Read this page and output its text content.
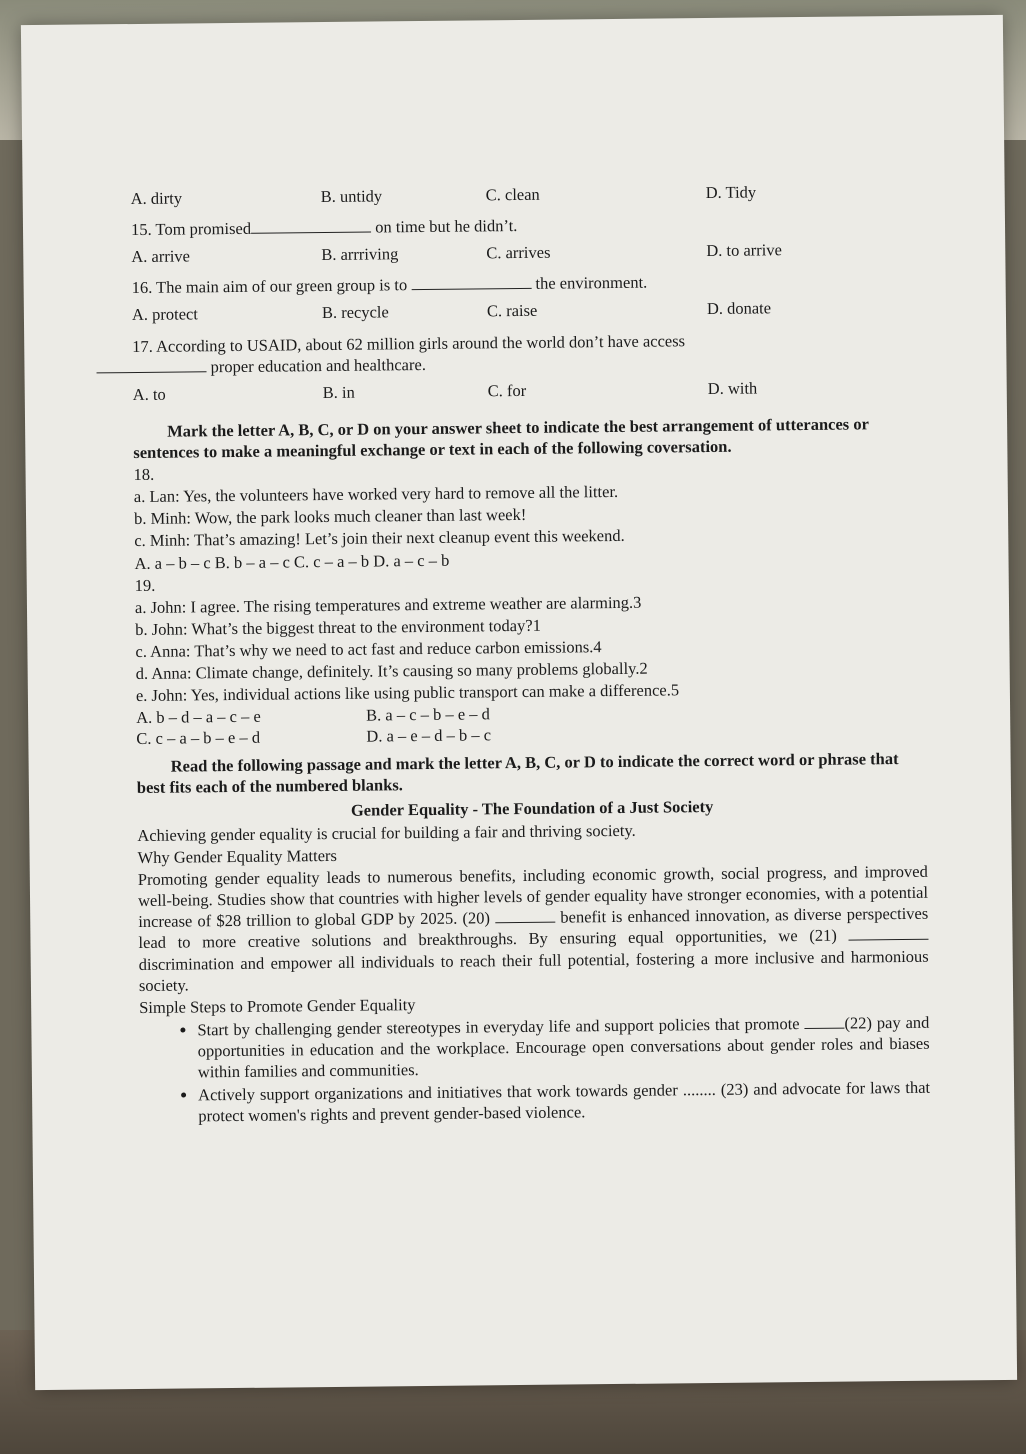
A. dirty	B. untidy	C. clean	D. Tidy
15. Tom promised	on time but he didn’t.
A. arrive	B. arrriving	C. arrives	D. to arrive
16. The main aim of our green group is to	the environment.
A. protect	B. recycle	C. raise	D. donate
17. According to USAID, about 62 million girls around the world don’t have access
proper education and healthcare.
A. to	B. in	C. for	D. with
Mark the letter A, B, C, or D on your answer sheet to indicate the best arrangement of utterances or sentences to make a meaningful exchange or text in each of the following coversation.
18.
a. Lan: Yes, the volunteers have worked very hard to remove all the litter.
b. Minh: Wow, the park looks much cleaner than last week!
c. Minh: That’s amazing! Let’s join their next cleanup event this weekend.
A. a – b – c B. b – a – c C. c – a – b D. a – c – b
19.
a. John: I agree. The rising temperatures and extreme weather are alarming.3
b. John: What’s the biggest threat to the environment today?1
c. Anna: That’s why we need to act fast and reduce carbon emissions.4
d. Anna: Climate change, definitely. It’s causing so many problems globally.2
e. John: Yes, individual actions like using public transport can make a difference.5
A. b – d – a – c – e	B. a – c – b – e – d
C. c – a – b – e – d	D. a – e – d – b – c
Read the following passage and mark the letter A, B, C, or D to indicate the correct word or phrase that best fits each of the numbered blanks.
Gender Equality - The Foundation of a Just Society
Achieving gender equality is crucial for building a fair and thriving society.
Why Gender Equality Matters
Promoting gender equality leads to numerous benefits, including economic growth, social progress, and improved well-being. Studies show that countries with higher levels of gender equality have stronger economies, with a potential increase of $28 trillion to global GDP by 2025. (20)	benefit is enhanced innovation, as diverse perspectives lead to more creative solutions and breakthroughs. By ensuring equal opportunities, we (21)  discrimination and empower all individuals to reach their full potential, fostering a more inclusive and harmonious society.
Simple Steps to Promote Gender Equality
• Start by challenging gender stereotypes in everyday life and support policies that promote	(22) pay and opportunities in education and the workplace. Encourage open conversations about gender roles and biases within families and communities.
• Actively support organizations and initiatives that work towards gender ........ (23) and advocate for laws that protect women's rights and prevent gender-based violence.
